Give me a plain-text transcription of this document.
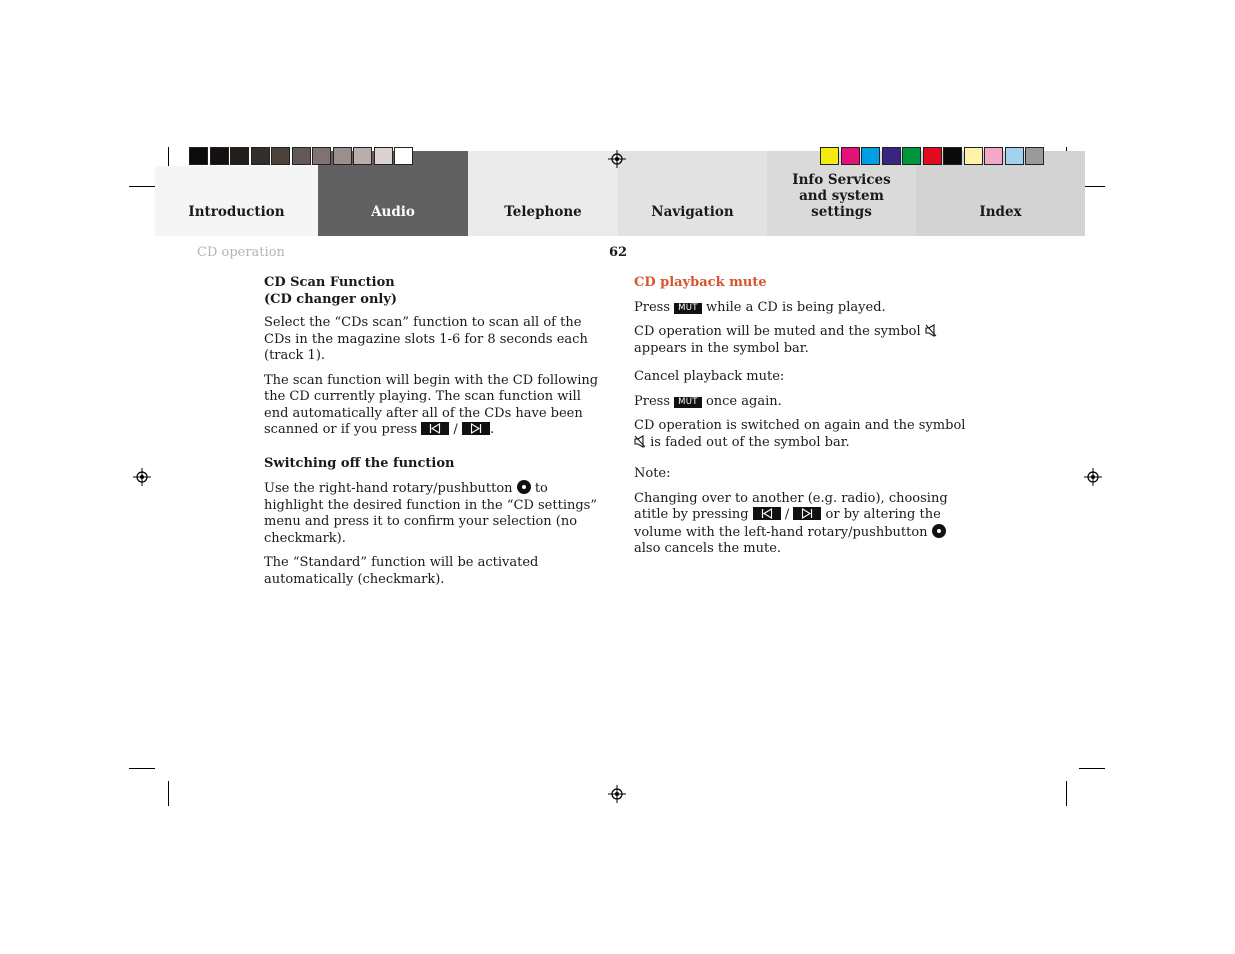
Introduction	Audio	Telephone	Navigation
Info Services and system settings	Index
CD operation	62

CD Scan Function
(CD changer only)

Select the “CDs scan” function to scan all of the CDs in the magazine slots 1-6 for 8 seconds each (track 1).

The scan function will begin with the CD following the CD currently playing. The scan function will end automatically after all of the CDs have been scanned or if you press	/ .

Switching off the function

Use the right-hand rotary/pushbutton to highlight the desired function in the “CD settings” menu and press it to confirm your selection (no checkmark).

The “Standard” function will be activated automatically (checkmark).

CD playback mute

Press MUT while a CD is being played.

CD operation will be muted and the symbol  appears in the symbol bar.

Cancel playback mute:

Press MUT once again.

CD operation is switched on again and the symbol  is faded out of the symbol bar.

Note:

Changing over to another (e.g. radio), choosing atitle by pressing	/	or by altering the volume with the left-hand rotary/pushbutton  also cancels the mute.
